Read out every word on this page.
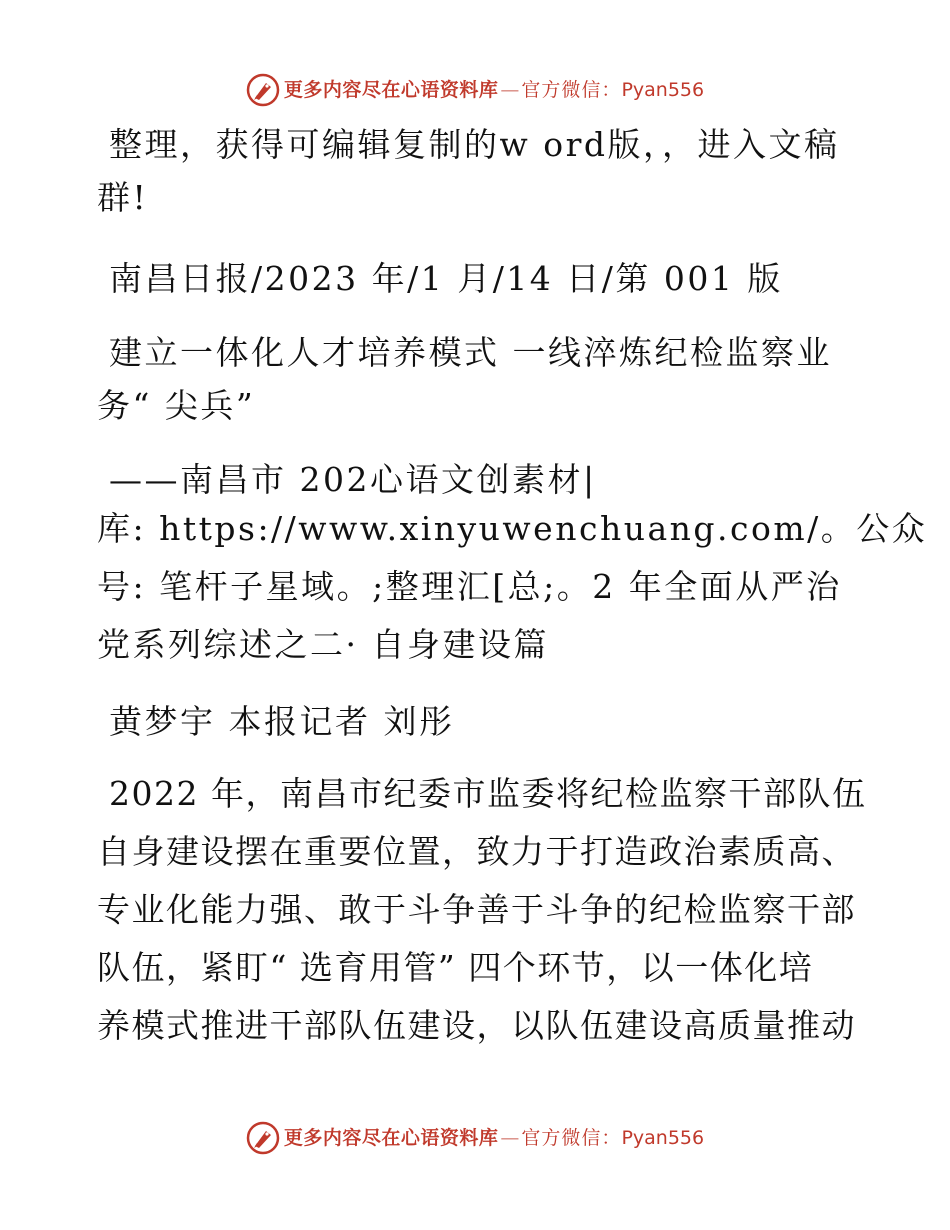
更多内容尽在心语资料库 — 官方微信： Pyan556

整理，获得可编辑复制的w ord版，，进入文稿
群!

南昌日报/2023 年/1 月/14 日/第 001 版

建立一体化人才培养模式 一线淬炼纪检监察业
务“ 尖兵”

——南昌市 202心语文创素材|

库: https://www.xinyuwenchuang.com/。公众
号: 笔杆子星域。;整理汇[总;。2 年全面从严治
党系列综述之二· 自身建设篇

黄梦宇 本报记者 刘彤

2022 年，南昌市纪委市监委将纪检监察干部队伍
自身建设摆在重要位置，致力于打造政治素质高、
专业化能力强、敢于斗争善于斗争的纪检监察干部
队伍，紧盯“ 选育用管” 四个环节，以一体化培
养模式推进干部队伍建设，以队伍建设高质量推动

更多内容尽在心语资料库 — 官方微信： Pyan556
